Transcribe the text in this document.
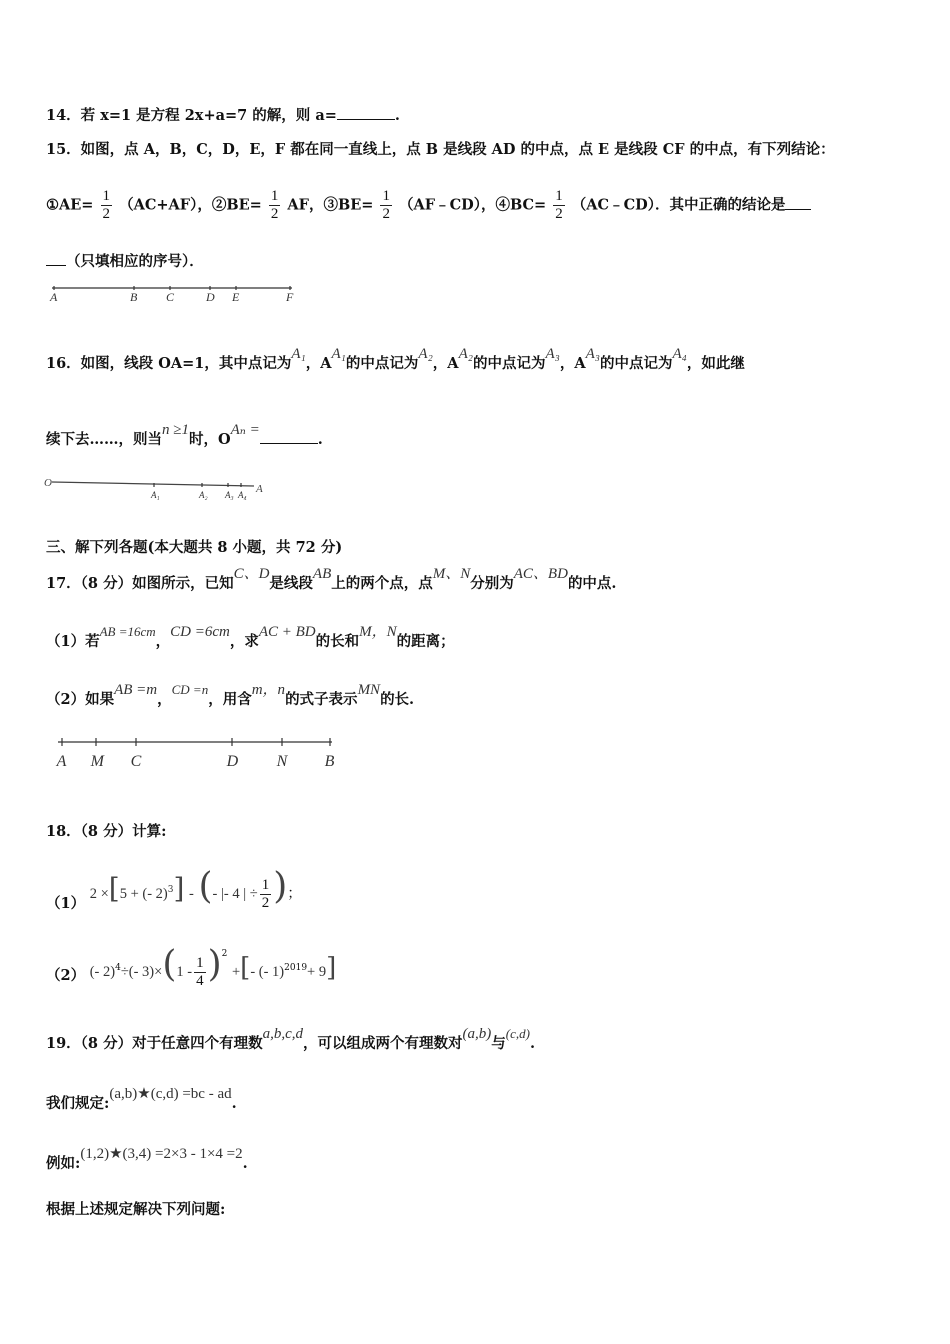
14．若 x=1 是方程 2x+a=7 的解，则 a=	.
15．如图，点 A，B，C，D，E，F 都在同一直线上，点 B 是线段 AD 的中点，点 E 是线段 CF 的中点，有下列结论：
①AE= $\frac{1}{2} (AC+AF)$，②BE= $\frac{1}{2}$ AF，③BE= $\frac{1}{2}$ （AF﹣CD），④BC= $\frac{1}{2}$ （AC﹣CD）．其中正确的结论是
（只填相应的序号）．
A	B C	D E	F
16．如图，线段 OA=1，其中点记为A₁，AA₁的中点记为A₂，AA₂的中点记为A₃，AA₃的中点记为A₄，如此继
续下去……，则当n ≥1时，OAₙ =.
O	A
A₁	A₂ A₃ A₄
三、解下列各题(本大题共 8 小题，共 72 分)
17．（8 分）如图所示，已知C、D是线段AB上的两个点，点M、N分别为AC、BD的中点.
（1）若AB =16cm，CD =6cm，求AC + BD的长和M，N的距离；
（2）如果AB =m，CD =n，用含m，n的式子表示MN的长.
A M C	D N B
18．（8 分）计算:
（1） 2 ×[5 + (- 2)$^3$] - (- |- 4 | ÷ $\frac{1}{2}$ )；
（2） (- 2)$^4$÷(- $3)\times(1 - \frac{1}{4} )^2$ +[- (- 1)$^{2019}$+ 9]
19．（8 分）对于任意四个有理数a,b,c,d，可以组成两个有理数对(a,b)与(c,d).
我们规定:(a,b)★(c,d) =bc - ad.
例如:(1,2)★(3,4) =2×3 - 1×4 =2.
根据上述规定解决下列问题:
